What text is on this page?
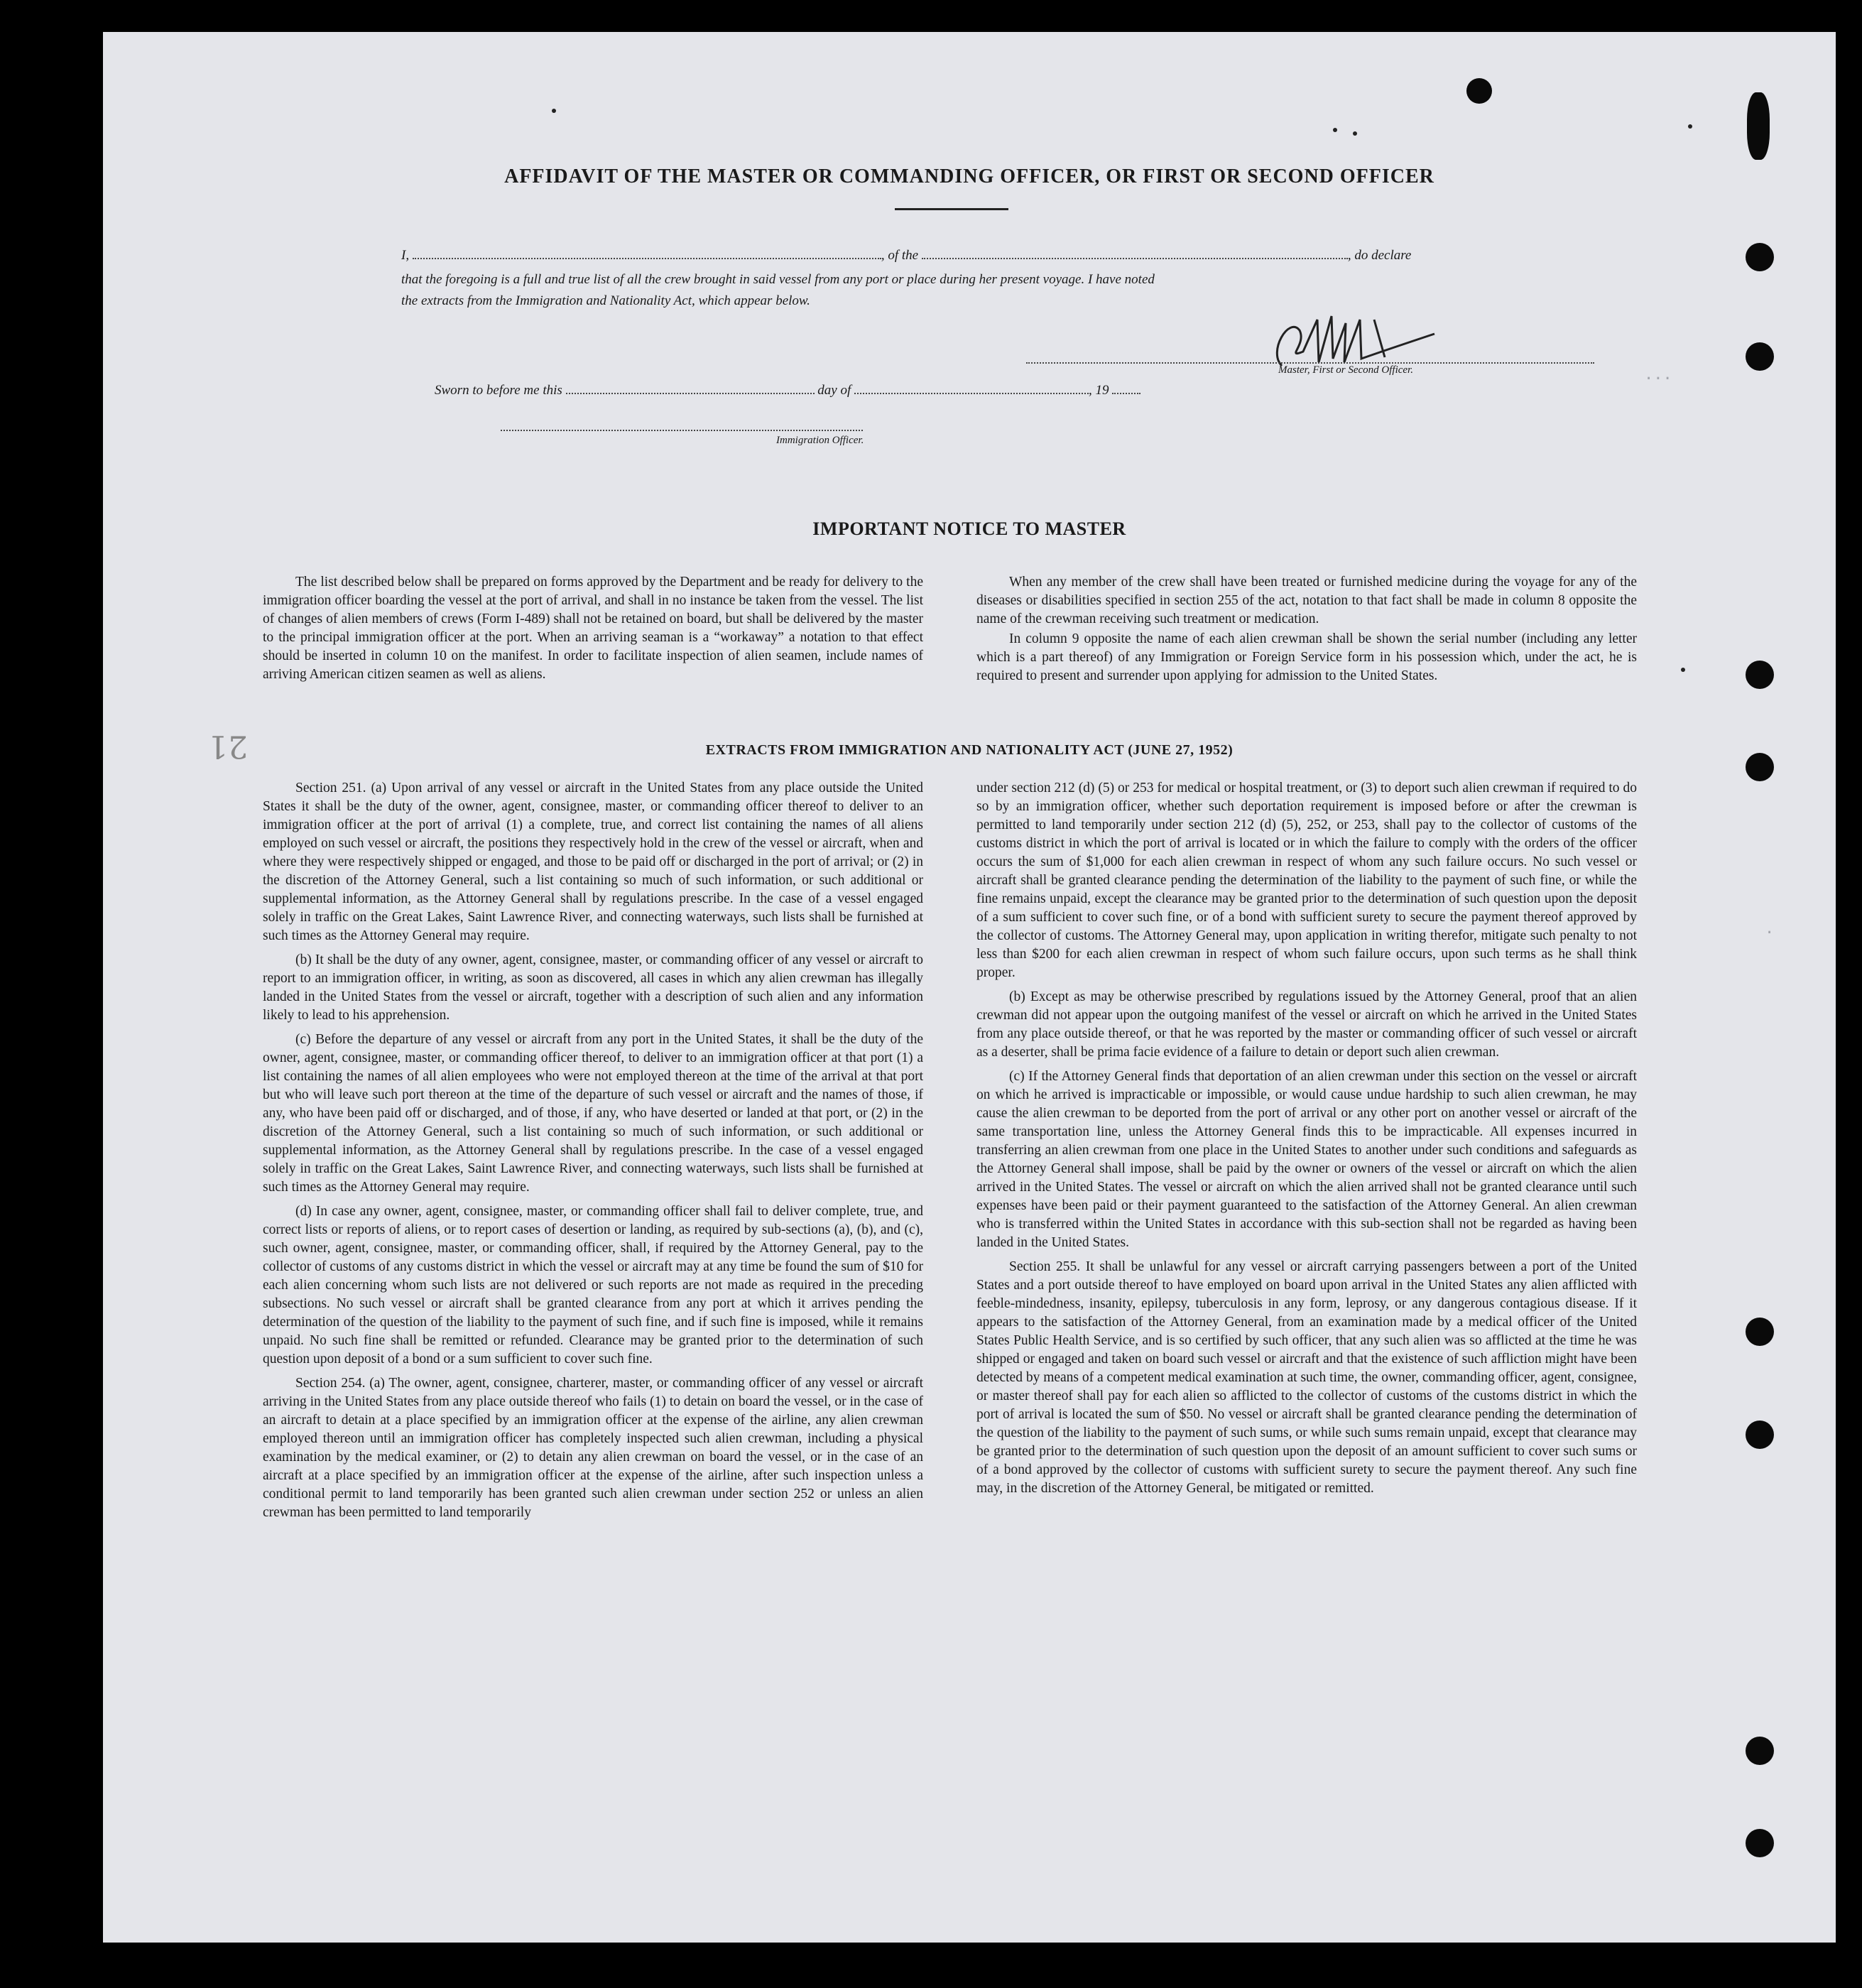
...
.
AFFIDAVIT OF THE MASTER OR COMMANDING OFFICER, OR FIRST OR SECOND OFFICER
I,	, of the	, do declare
that the foregoing is a full and true list of all the crew brought in said vessel from any port or place during her present voyage. I have noted
the extracts from the Immigration and Nationality Act, which appear below.
Master, First or Second Officer.
Sworn to before me this	day of	, 19
Immigration Officer.
IMPORTANT NOTICE TO MASTER

The list described below shall be prepared on forms approved by the Department and be ready for delivery to the immigration officer boarding the vessel at the port of arrival, and shall in no instance be taken from the vessel. The list of changes of alien members of crews (Form I-489) shall not be retained on board, but shall be delivered by the master to the principal immigration officer at the port. When an arriving seaman is a “workaway” a notation to that effect should be inserted in column 10 on the manifest. In order to facilitate inspection of alien seamen, include names of arriving American citizen seamen as well as aliens.

When any member of the crew shall have been treated or furnished medicine during the voyage for any of the diseases or disabilities specified in section 255 of the act, notation to that fact shall be made in column 8 opposite the name of the crewman receiving such treatment or medication.

In column 9 opposite the name of each alien crewman shall be shown the serial number (including any letter which is a part thereof) of any Immigration or Foreign Service form in his possession which, under the act, he is required to present and surrender upon applying for admission to the United States.

21	EXTRACTS FROM IMMIGRATION AND NATIONALITY ACT (JUNE 27, 1952)

Section 251. (a) Upon arrival of any vessel or aircraft in the United States from any place outside the United States it shall be the duty of the owner, agent, consignee, master, or commanding officer thereof to deliver to an immigration officer at the port of arrival (1) a complete, true, and correct list containing the names of all aliens employed on such vessel or aircraft, the positions they respectively hold in the crew of the vessel or aircraft, when and where they were respectively shipped or engaged, and those to be paid off or discharged in the port of arrival; or (2) in the discretion of the Attorney General, such a list containing so much of such information, or such additional or supplemental information, as the Attorney General shall by regulations prescribe. In the case of a vessel engaged solely in traffic on the Great Lakes, Saint Lawrence River, and connecting waterways, such lists shall be furnished at such times as the Attorney General may require.

(b) It shall be the duty of any owner, agent, consignee, master, or commanding officer of any vessel or aircraft to report to an immigration officer, in writing, as soon as discovered, all cases in which any alien crewman has illegally landed in the United States from the vessel or aircraft, together with a description of such alien and any information likely to lead to his apprehension.

(c) Before the departure of any vessel or aircraft from any port in the United States, it shall be the duty of the owner, agent, consignee, master, or commanding officer thereof, to deliver to an immigration officer at that port (1) a list containing the names of all alien employees who were not employed thereon at the time of the arrival at that port but who will leave such port thereon at the time of the departure of such vessel or aircraft and the names of those, if any, who have been paid off or discharged, and of those, if any, who have deserted or landed at that port, or (2) in the discretion of the Attorney General, such a list containing so much of such information, or such additional or supplemental information, as the Attorney General shall by regulations prescribe. In the case of a vessel engaged solely in traffic on the Great Lakes, Saint Lawrence River, and connecting waterways, such lists shall be furnished at such times as the Attorney General may require.

(d) In case any owner, agent, consignee, master, or commanding officer shall fail to deliver complete, true, and correct lists or reports of aliens, or to report cases of desertion or landing, as required by sub-sections (a), (b), and (c), such owner, agent, consignee, master, or commanding officer, shall, if required by the Attorney General, pay to the collector of customs of any customs district in which the vessel or aircraft may at any time be found the sum of $10 for each alien concerning whom such lists are not delivered or such reports are not made as required in the preceding subsections. No such vessel or aircraft shall be granted clearance from any port at which it arrives pending the determination of the question of the liability to the payment of such fine, and if such fine is imposed, while it remains unpaid. No such fine shall be remitted or refunded. Clearance may be granted prior to the determination of such question upon deposit of a bond or a sum sufficient to cover such fine.

Section 254. (a) The owner, agent, consignee, charterer, master, or commanding officer of any vessel or aircraft arriving in the United States from any place outside thereof who fails (1) to detain on board the vessel, or in the case of an aircraft to detain at a place specified by an immigration officer at the expense of the airline, any alien crewman employed thereon until an immigration officer has completely inspected such alien crewman, including a physical examination by the medical examiner, or (2) to detain any alien crewman on board the vessel, or in the case of an aircraft at a place specified by an immigration officer at the expense of the airline, after such inspection unless a conditional permit to land temporarily has been granted such alien crewman under section 252 or unless an alien crewman has been permitted to land temporarily

under section 212 (d) (5) or 253 for medical or hospital treatment, or (3) to deport such alien crewman if required to do so by an immigration officer, whether such deportation requirement is imposed before or after the crewman is permitted to land temporarily under section 212 (d) (5), 252, or 253, shall pay to the collector of customs of the customs district in which the port of arrival is located or in which the failure to comply with the orders of the officer occurs the sum of $1,000 for each alien crewman in respect of whom any such failure occurs. No such vessel or aircraft shall be granted clearance pending the determination of the liability to the payment of such fine, or while the fine remains unpaid, except the clearance may be granted prior to the determination of such question upon the deposit of a sum sufficient to cover such fine, or of a bond with sufficient surety to secure the payment thereof approved by the collector of customs. The Attorney General may, upon application in writing therefor, mitigate such penalty to not less than $200 for each alien crewman in respect of whom such failure occurs, upon such terms as he shall think proper.

(b) Except as may be otherwise prescribed by regulations issued by the Attorney General, proof that an alien crewman did not appear upon the outgoing manifest of the vessel or aircraft on which he arrived in the United States from any place outside thereof, or that he was reported by the master or commanding officer of such vessel or aircraft as a deserter, shall be prima facie evidence of a failure to detain or deport such alien crewman.

(c) If the Attorney General finds that deportation of an alien crewman under this section on the vessel or aircraft on which he arrived is impracticable or impossible, or would cause undue hardship to such alien crewman, he may cause the alien crewman to be deported from the port of arrival or any other port on another vessel or aircraft of the same transportation line, unless the Attorney General finds this to be impracticable. All expenses incurred in transferring an alien crewman from one place in the United States to another under such conditions and safeguards as the Attorney General shall impose, shall be paid by the owner or owners of the vessel or aircraft on which the alien arrived in the United States. The vessel or aircraft on which the alien arrived shall not be granted clearance until such expenses have been paid or their payment guaranteed to the satisfaction of the Attorney General. An alien crewman who is transferred within the United States in accordance with this sub-section shall not be regarded as having been landed in the United States.

Section 255. It shall be unlawful for any vessel or aircraft carrying passengers between a port of the United States and a port outside thereof to have employed on board upon arrival in the United States any alien afflicted with feeble-mindedness, insanity, epilepsy, tuberculosis in any form, leprosy, or any dangerous contagious disease. If it appears to the satisfaction of the Attorney General, from an examination made by a medical officer of the United States Public Health Service, and is so certified by such officer, that any such alien was so afflicted at the time he was shipped or engaged and taken on board such vessel or aircraft and that the existence of such affliction might have been detected by means of a competent medical examination at such time, the owner, commanding officer, agent, consignee, or master thereof shall pay for each alien so afflicted to the collector of customs of the customs district in which the port of arrival is located the sum of $50. No vessel or aircraft shall be granted clearance pending the determination of the question of the liability to the payment of such sums, or while such sums remain unpaid, except that clearance may be granted prior to the determination of such question upon the deposit of an amount sufficient to cover such sums or of a bond approved by the collector of customs with sufficient surety to secure the payment thereof. Any such fine may, in the discretion of the Attorney General, be mitigated or remitted.
